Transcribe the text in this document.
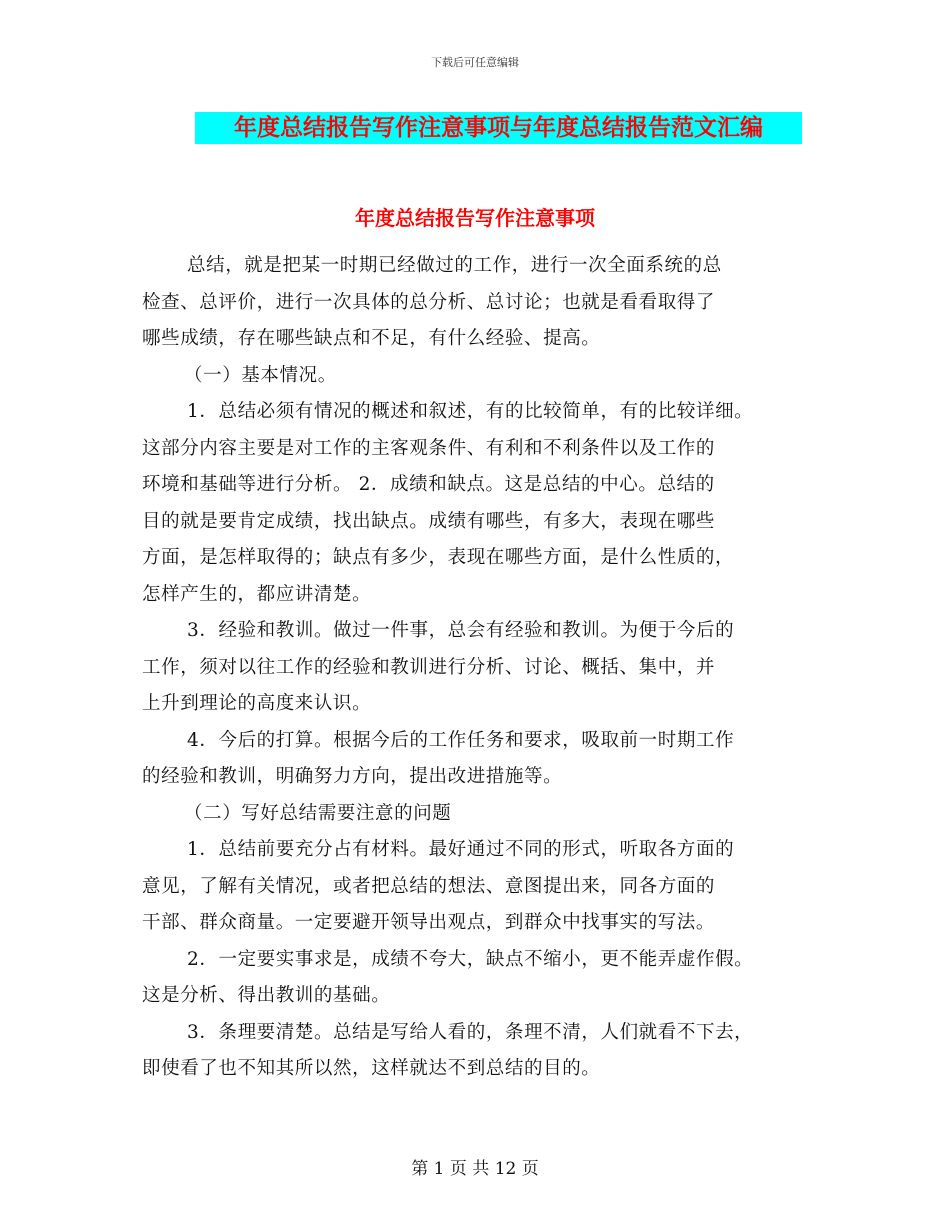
下载后可任意编辑
年度总结报告写作注意事项与年度总结报告范文汇编
年度总结报告写作注意事项
总结，就是把某一时期已经做过的工作，进行一次全面系统的总
检查、总评价，进行一次具体的总分析、总讨论；也就是看看取得了
哪些成绩，存在哪些缺点和不足，有什么经验、提高。
（一）基本情况。
1．总结必须有情况的概述和叙述，有的比较简单，有的比较详细。
这部分内容主要是对工作的主客观条件、有利和不利条件以及工作的
环境和基础等进行分析。 2．成绩和缺点。这是总结的中心。总结的
目的就是要肯定成绩，找出缺点。成绩有哪些，有多大，表现在哪些
方面，是怎样取得的；缺点有多少，表现在哪些方面，是什么性质的，
怎样产生的，都应讲清楚。
3．经验和教训。做过一件事，总会有经验和教训。为便于今后的
工作，须对以往工作的经验和教训进行分析、讨论、概括、集中，并
上升到理论的高度来认识。
4．今后的打算。根据今后的工作任务和要求，吸取前一时期工作
的经验和教训，明确努力方向，提出改进措施等。
（二）写好总结需要注意的问题
1．总结前要充分占有材料。最好通过不同的形式，听取各方面的
意见，了解有关情况，或者把总结的想法、意图提出来，同各方面的
干部、群众商量。一定要避开领导出观点，到群众中找事实的写法。
2．一定要实事求是，成绩不夸大，缺点不缩小，更不能弄虚作假。
这是分析、得出教训的基础。
3．条理要清楚。总结是写给人看的，条理不清，人们就看不下去，
即使看了也不知其所以然，这样就达不到总结的目的。
第 1 页 共 12 页
